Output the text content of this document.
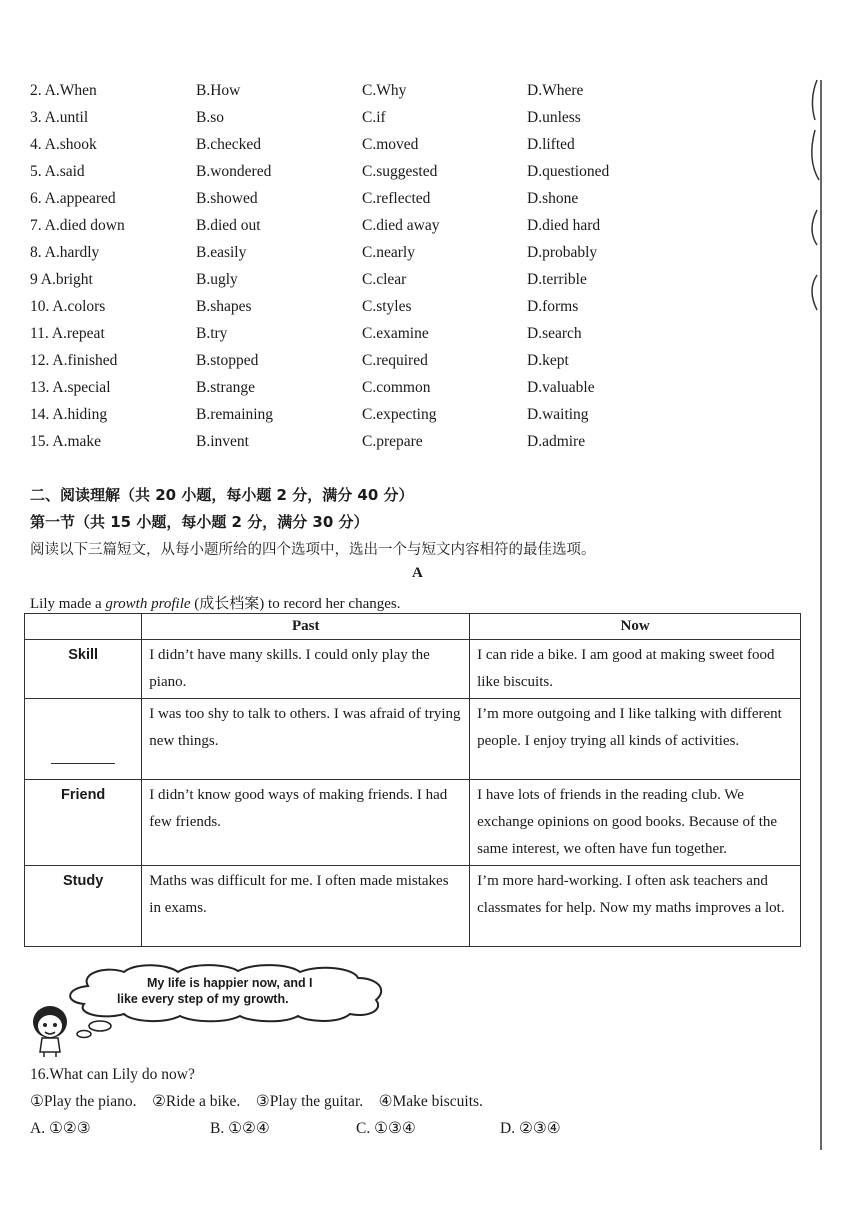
2. A.When	B.How	C.Why	D.Where
3. A.until	B.so	C.if	D.unless
4. A.shook	B.checked	C.moved	D.lifted
5. A.said	B.wondered	C.suggested	D.questioned
6. A.appeared	B.showed	C.reflected	D.shone
7. A.died down	B.died out	C.died away	D.died hard
8. A.hardly	B.easily	C.nearly	D.probably
9 A.bright	B.ugly	C.clear	D.terrible
10. A.colors	B.shapes	C.styles	D.forms
11. A.repeat	B.try	C.examine	D.search
12. A.finished	B.stopped	C.required	D.kept
13. A.special	B.strange	C.common	D.valuable
14. A.hiding	B.remaining	C.expecting	D.waiting
15. A.make	B.invent	C.prepare	D.admire
二、阅读理解（共 20 小题，每小题 2 分，满分 40 分）
第一节（共 15 小题，每小题 2 分，满分 30 分）
阅读以下三篇短文，从每小题所给的四个选项中，选出一个与短文内容相符的最佳选项。
A
Lily made a growth profile (成长档案) to record her changes.
	Past	Now
Skill	I didn’t have many skills. I could only play the piano.	I can ride a bike. I am good at making sweet food like biscuits.
	I was too shy to talk to others. I was afraid of trying new things.	I’m more outgoing and I like talking with different people. I enjoy trying all kinds of activities.
Friend	I didn’t know good ways of making friends. I had few friends.	I have lots of friends in the reading club. We exchange opinions on good books. Because of the same interest, we often have fun together.
Study	Maths was difficult for me. I often made mistakes in exams.	I’m more hard-working. I often ask teachers and classmates for help. Now my maths improves a lot.
My life is happier now, and I
like every step of my growth.
16.What can Lily do now?
①Play the piano.    ②Ride a bike.    ③Play the guitar.    ④Make biscuits.
A. ①②③	B. ①②④	C. ①③④	D. ②③④
